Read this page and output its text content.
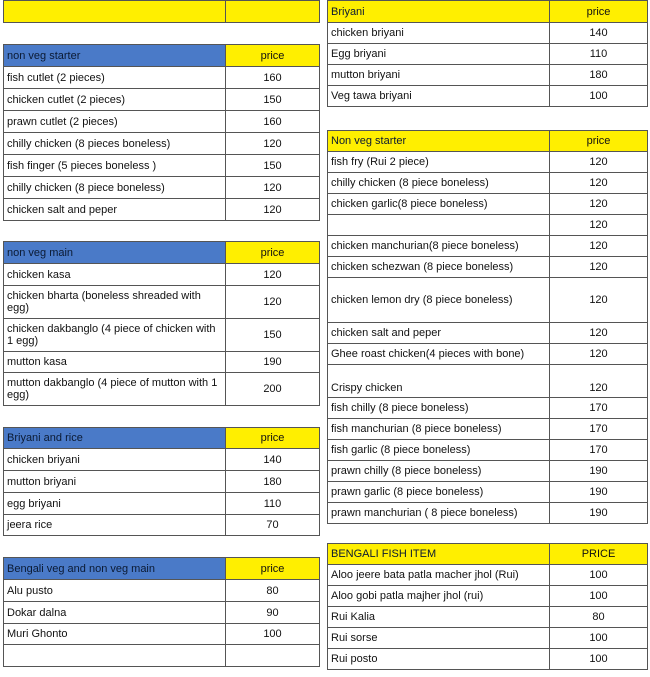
non veg starter	price
fish cutlet (2 pieces)	160
chicken cutlet (2 pieces)	150
prawn cutlet (2 pieces)	160
chilly chicken (8 pieces boneless)	120
fish finger (5 pieces boneless )	150
chilly chicken (8 piece boneless)	120
chicken salt and peper	120

non veg main	price
chicken kasa	120
chicken bharta (boneless shreaded with egg)	120
chicken dakbanglo (4 piece of chicken with 1 egg)	150
mutton kasa	190
mutton dakbanglo (4 piece of mutton with 1 egg)	200

Briyani and rice	price
chicken briyani	140
mutton briyani	180
egg briyani	110
jeera rice	70

Bengali veg and non veg main	price
Alu pusto	80
Dokar dalna	90
Muri Ghonto	100

Briyani	price
chicken briyani	140
Egg briyani	110
mutton briyani	180
Veg tawa briyani	100

Non veg starter	price
fish fry (Rui 2 piece)	120
chilly chicken (8 piece boneless)	120
chicken garlic(8 piece boneless)	120
	120
chicken manchurian(8 piece boneless)	120
chicken schezwan (8 piece boneless)	120
chicken lemon dry (8 piece boneless)	120
chicken salt and peper	120
Ghee roast chicken(4 pieces with bone)	120
Crispy chicken	120
fish chilly (8 piece boneless)	170
fish manchurian (8 piece boneless)	170
fish garlic (8 piece boneless)	170
prawn chilly (8 piece boneless)	190
prawn garlic (8 piece boneless)	190
prawn manchurian ( 8 piece boneless)	190

BENGALI FISH ITEM	PRICE
Aloo jeere bata patla macher jhol (Rui)	100
Aloo gobi patla majher jhol (rui)	100
Rui Kalia	80
Rui sorse	100
Rui posto	100
